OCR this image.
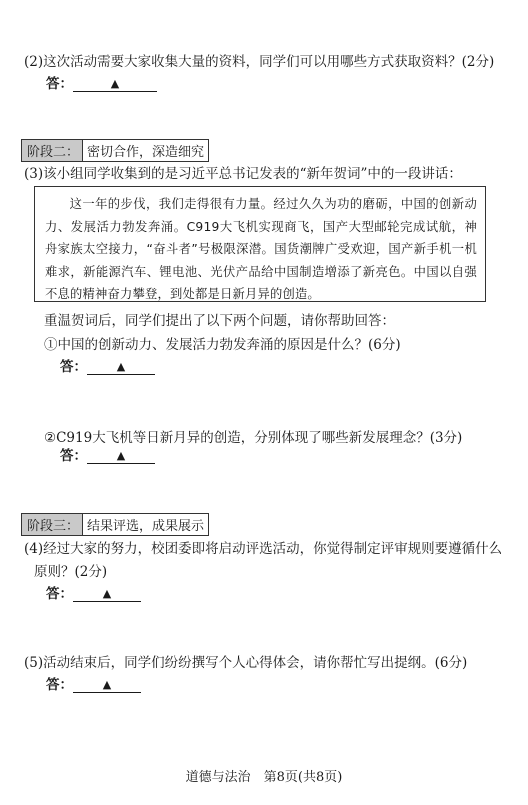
(2)这次活动需要大家收集大量的资料，同学们可以用哪些方式获取资料？(2分)
答：	▲
阶段二： 密切合作，深造细究
(3)该小组同学收集到的是习近平总书记发表的“新年贺词”中的一段讲话：

这一年的步伐，我们走得很有力量。经过久久为功的磨砺，中国的创新动力、发展活力勃发奔涌。C919大飞机实现商飞，国产大型邮轮完成试航，神舟家族太空接力，“奋斗者”号极限深潜。国货潮牌广受欢迎，国产新手机一机难求，新能源汽车、锂电池、光伏产品给中国制造增添了新亮色。中国以自强不息的精神奋力攀登，到处都是日新月异的创造。

重温贺词后，同学们提出了以下两个问题，请你帮助回答：
①中国的创新动力、发展活力勃发奔涌的原因是什么？(6分)
答：	▲
②C919大飞机等日新月异的创造，分别体现了哪些新发展理念？(3分)
答：	▲
阶段三： 结果评选，成果展示
(4)经过大家的努力，校团委即将启动评选活动，你觉得制定评审规则要遵循什么
原则？(2分)
答：	▲
(5)活动结束后，同学们纷纷撰写个人心得体会，请你帮忙写出提纲。(6分)
答：	▲
道德与法治　第8页(共8页)
